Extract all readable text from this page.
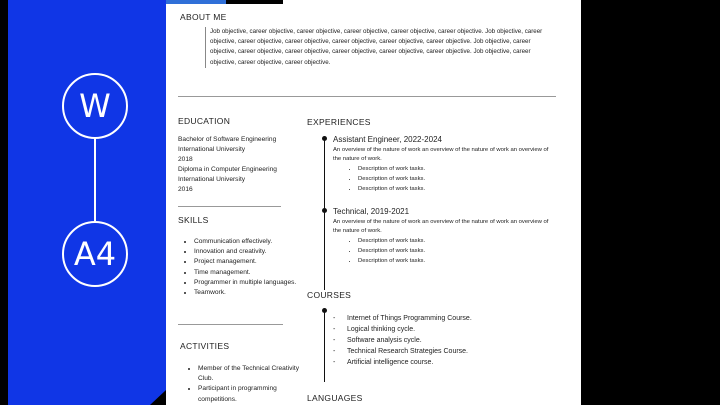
W
A4
ABOUT ME
Job objective, career objective, career objective, career objective, career objective, career objective. Job objective, career objective, career objective, career objective, career objective, career objective, career objective. Job objective, career objective, career objective, career objective, career objective, career objective, career objective. Job objective, career objective, career objective, career objective.
EDUCATION
Bachelor of Software Engineering
International University
2018
Diploma in Computer Engineering
International University
2016
SKILLS
• Communication effectively.
• Innovation and creativity.
• Project management.
• Time management.
• Programmer in multiple languages.
• Teamwork.
ACTIVITIES
• Member of the Technical Creativity Club.
• Participant in programming competitions.
EXPERIENCES
Assistant Engineer, 2022-2024
An overview of the nature of work an overview of the nature of work an overview of the nature of work.
• Description of work tasks.
• Description of work tasks.
• Description of work tasks.
Technical, 2019-2021
An overview of the nature of work an overview of the nature of work an overview of the nature of work.
• Description of work tasks.
• Description of work tasks.
• Description of work tasks.
COURSES
- Internet of Things Programming Course.
- Logical thinking cycle.
- Software analysis cycle.
- Technical Research Strategies Course.
- Artificial intelligence course.
LANGUAGES
